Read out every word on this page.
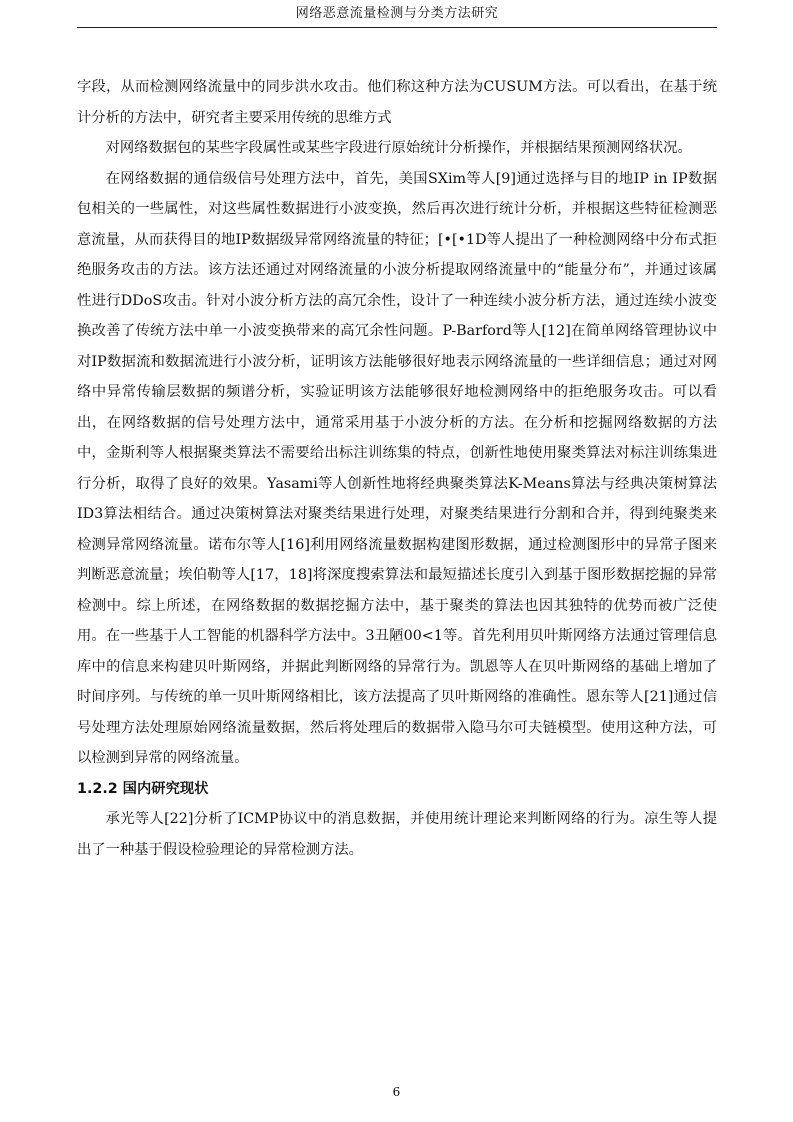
网络恶意流量检测与分类方法研究

字段，从而检测网络流量中的同步洪水攻击。他们称这种方法为CUSUM方法。可以看出，在基于统计分析的方法中，研究者主要采用传统的思维方式

对网络数据包的某些字段属性或某些字段进行原始统计分析操作，并根据结果预测网络状况。

在网络数据的通信级信号处理方法中，首先，美国SXim等人[9]通过选择与目的地IP in IP数据包相关的一些属性，对这些属性数据进行小波变换，然后再次进行统计分析，并根据这些特征检测恶意流量，从而获得目的地IP数据级异常网络流量的特征；[•[•1D等人提出了一种检测网络中分布式拒绝服务攻击的方法。该方法还通过对网络流量的小波分析提取网络流量中的“能量分布”，并通过该属性进行DDoS攻击。针对小波分析方法的高冗余性，设计了一种连续小波分析方法，通过连续小波变换改善了传统方法中单一小波变换带来的高冗余性问题。P-Barford等人[12]在简单网络管理协议中对IP数据流和数据流进行小波分析，证明该方法能够很好地表示网络流量的一些详细信息；通过对网络中异常传输层数据的频谱分析，实验证明该方法能够很好地检测网络中的拒绝服务攻击。可以看出，在网络数据的信号处理方法中，通常采用基于小波分析的方法。在分析和挖掘网络数据的方法中，金斯利等人根据聚类算法不需要给出标注训练集的特点，创新性地使用聚类算法对标注训练集进行分析，取得了良好的效果。Yasami等人创新性地将经典聚类算法K-Means算法与经典决策树算法ID3算法相结合。通过决策树算法对聚类结果进行处理，对聚类结果进行分割和合并，得到纯聚类来检测异常网络流量。诺布尔等人[16]利用网络流量数据构建图形数据，通过检测图形中的异常子图来判断恶意流量；埃伯勒等人[17，18]将深度搜索算法和最短描述长度引入到基于图形数据挖掘的异常检测中。综上所述，在网络数据的数据挖掘方法中，基于聚类的算法也因其独特的优势而被广泛使用。在一些基于人工智能的机器科学方法中。3丑陋00<1等。首先利用贝叶斯网络方法通过管理信息库中的信息来构建贝叶斯网络，并据此判断网络的异常行为。凯恩等人在贝叶斯网络的基础上增加了时间序列。与传统的单一贝叶斯网络相比，该方法提高了贝叶斯网络的准确性。恩东等人[21]通过信号处理方法处理原始网络流量数据，然后将处理后的数据带入隐马尔可夫链模型。使用这种方法，可以检测到异常的网络流量。

1.2.2 国内研究现状

承光等人[22]分析了ICMP协议中的消息数据，并使用统计理论来判断网络的行为。凉生等人提出了一种基于假设检验理论的异常检测方法。

6
